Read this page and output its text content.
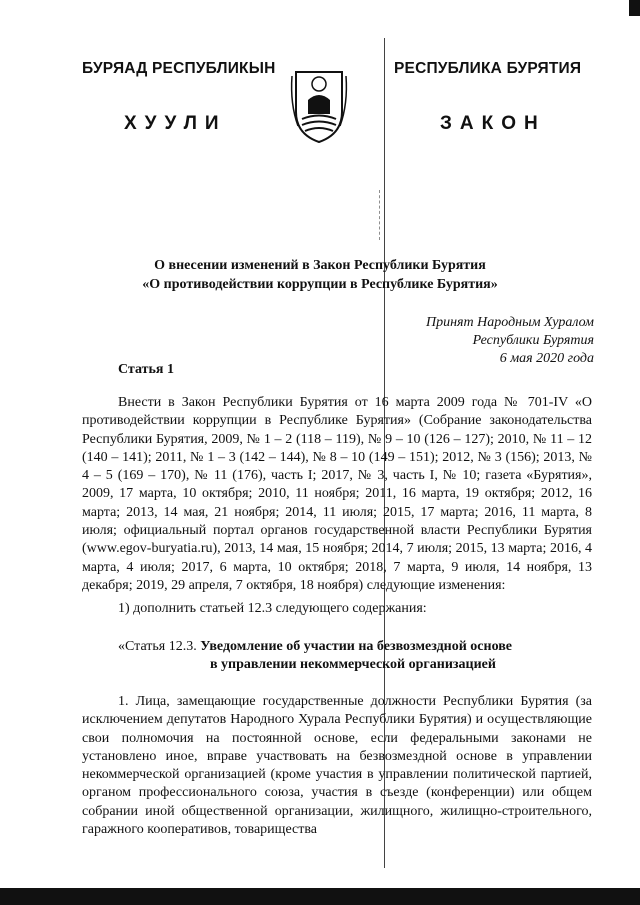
БУРЯАД РЕСПУБЛИКЫН	РЕСПУБЛИКА БУРЯТИЯ
ХУУЛИ	ЗАКОН
О внесении изменений в Закон Республики Бурятия
«О противодействии коррупции в Республике Бурятия»
Принят Народным Хуралом
Республики Бурятия
6 мая 2020 года
Статья 1
Внести в Закон Республики Бурятия от 16 марта 2009 года № 701-IV «О противодействии коррупции в Республике Бурятия» (Собрание законодательства Республики Бурятия, 2009, № 1 – 2 (118 – 119), № 9 – 10 (126 – 127); 2010, № 11 – 12 (140 – 141); 2011, № 1 – 3 (142 – 144), № 8 – 10 (149 – 151); 2012, № 3 (156); 2013, № 4 – 5 (169 – 170), № 11 (176), часть I; 2017, № 3, часть I, № 10; газета «Бурятия», 2009, 17 марта, 10 октября; 2010, 11 ноября; 2011, 16 марта, 19 октября; 2012, 16 марта; 2013, 14 мая, 21 ноября; 2014, 11 июля; 2015, 17 марта; 2016, 11 марта, 8 июля; официальный портал органов государственной власти Республики Бурятия (www.egov-buryatia.ru), 2013, 14 мая, 15 ноября; 2014, 7 июля; 2015, 13 марта; 2016, 4 марта, 4 июля; 2017, 6 марта, 10 октября; 2018, 7 марта, 9 июля, 14 ноября, 13 декабря; 2019, 29 апреля, 7 октября, 18 ноября) следующие изменения:
1) дополнить статьей 12.3 следующего содержания:
«Статья 12.3. Уведомление об участии на безвозмездной основе
в управлении некоммерческой организацией
1. Лица, замещающие государственные должности Республики Бурятия (за исключением депутатов Народного Хурала Республики Бурятия) и осуществляющие свои полномочия на постоянной основе, если федеральными законами не установлено иное, вправе участвовать на безвозмездной основе в управлении некоммерческой организацией (кроме участия в управлении политической партией, органом профессионального союза, участия в съезде (конференции) или общем собрании иной общественной организации, жилищного, жилищно-строительного, гаражного кооперативов, товарищества
